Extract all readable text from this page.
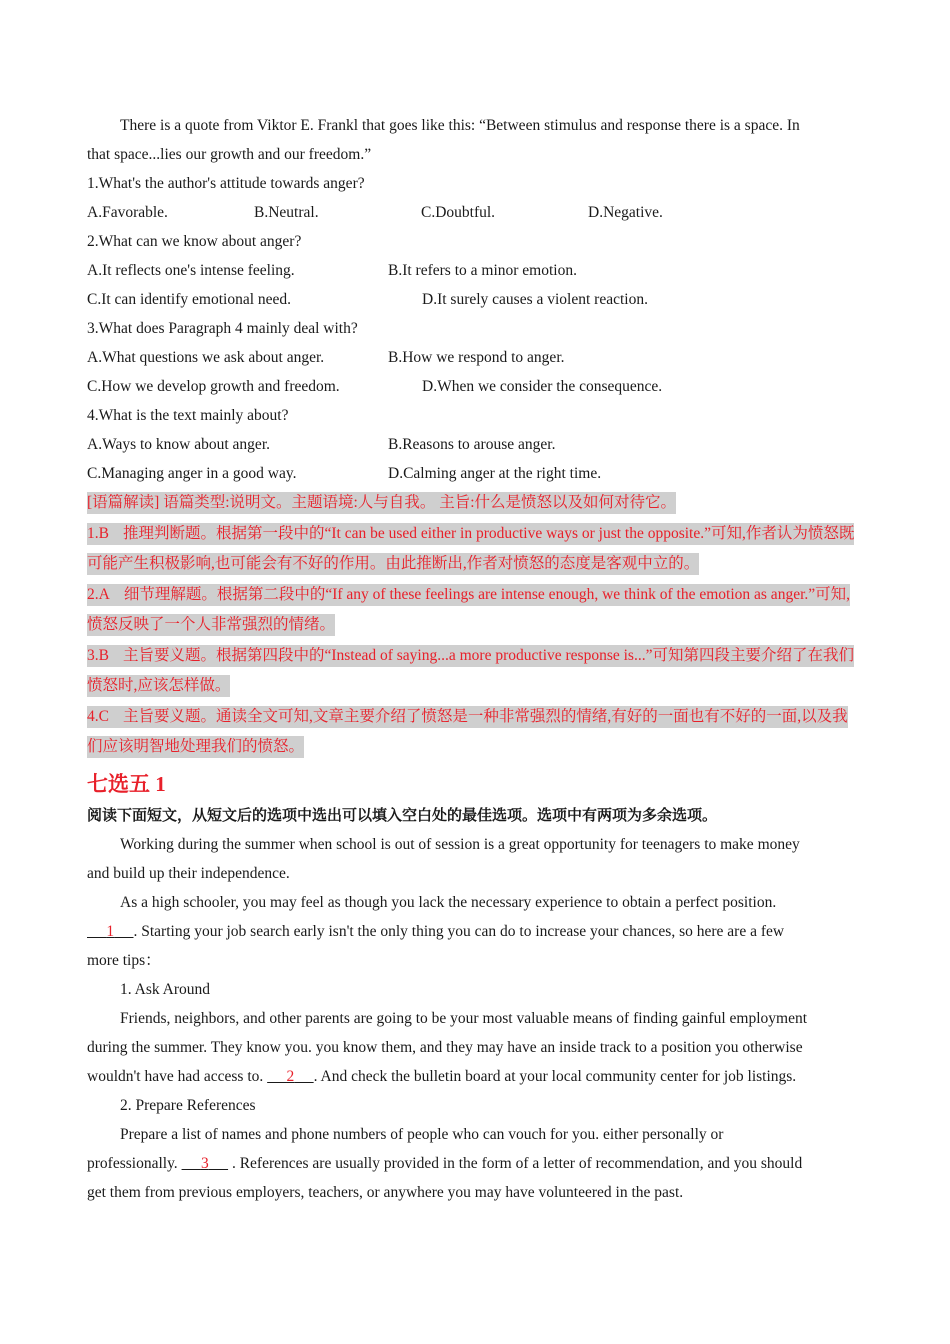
There is a quote from Viktor E. Frankl that goes like this: “Between stimulus and response there is a space. In
that space...lies our growth and our freedom.”
1.What's the author's attitude towards anger?
A.Favorable.	B.Neutral.	C.Doubtful.	D.Negative.
2.What can we know about anger?
A.It reflects one's intense feeling.	B.It refers to a minor emotion.
C.It can identify emotional need.	D.It surely causes a violent reaction.
3.What does Paragraph 4 mainly deal with?
A.What questions we ask about anger.	B.How we respond to anger.
C.How we develop growth and freedom.	D.When we consider the consequence.
4.What is the text mainly about?
A.Ways to know about anger.	B.Reasons to arouse anger.
C.Managing anger in a good way.	D.Calming anger at the right time.
[语篇解读] 语篇类型:说明文。主题语境:人与自我。 主旨:什么是愤怒以及如何对待它。
1.B 推理判断题。根据第一段中的“It can be used either in productive ways or just the opposite.”可知,作者认为愤怒既可能产生积极影响,也可能会有不好的作用。由此推断出,作者对愤怒的态度是客观中立的。
2.A 细节理解题。根据第二段中的“If any of these feelings are intense enough, we think of the emotion as anger.”可知,愤怒反映了一个人非常强烈的情绪。
3.B 主旨要义题。根据第四段中的“Instead of saying...a more productive response is...”可知第四段主要介绍了在我们愤怒时,应该怎样做。
4.C 主旨要义题。通读全文可知,文章主要介绍了愤怒是一种非常强烈的情绪,有好的一面也有不好的一面,以及我们应该明智地处理我们的愤怒。
七选五 1
阅读下面短文，从短文后的选项中选出可以填入空白处的最佳选项。选项中有两项为多余选项。
Working during the summer when school is out of session is a great opportunity for teenagers to make money
and build up their independence.
As a high schooler, you may feel as though you lack the necessary experience to obtain a perfect position.
​     1 . Starting your job search early isn't the only thing you can do to increase your chances, so here are a few
more tips：
1. Ask Around
Friends, neighbors, and other parents are going to be your most valuable means of finding gainful employment
during the summer. They know you. you know them, and they may have an inside track to a position you otherwise
wouldn't have had access to.      2 . And check the bulletin board at your local community center for job listings.
2. Prepare References
Prepare a list of names and phone numbers of people who can vouch for you. either personally or
professionally.      3      . References are usually provided in the form of a letter of recommendation, and you should
get them from previous employers, teachers, or anywhere you may have volunteered in the past.
